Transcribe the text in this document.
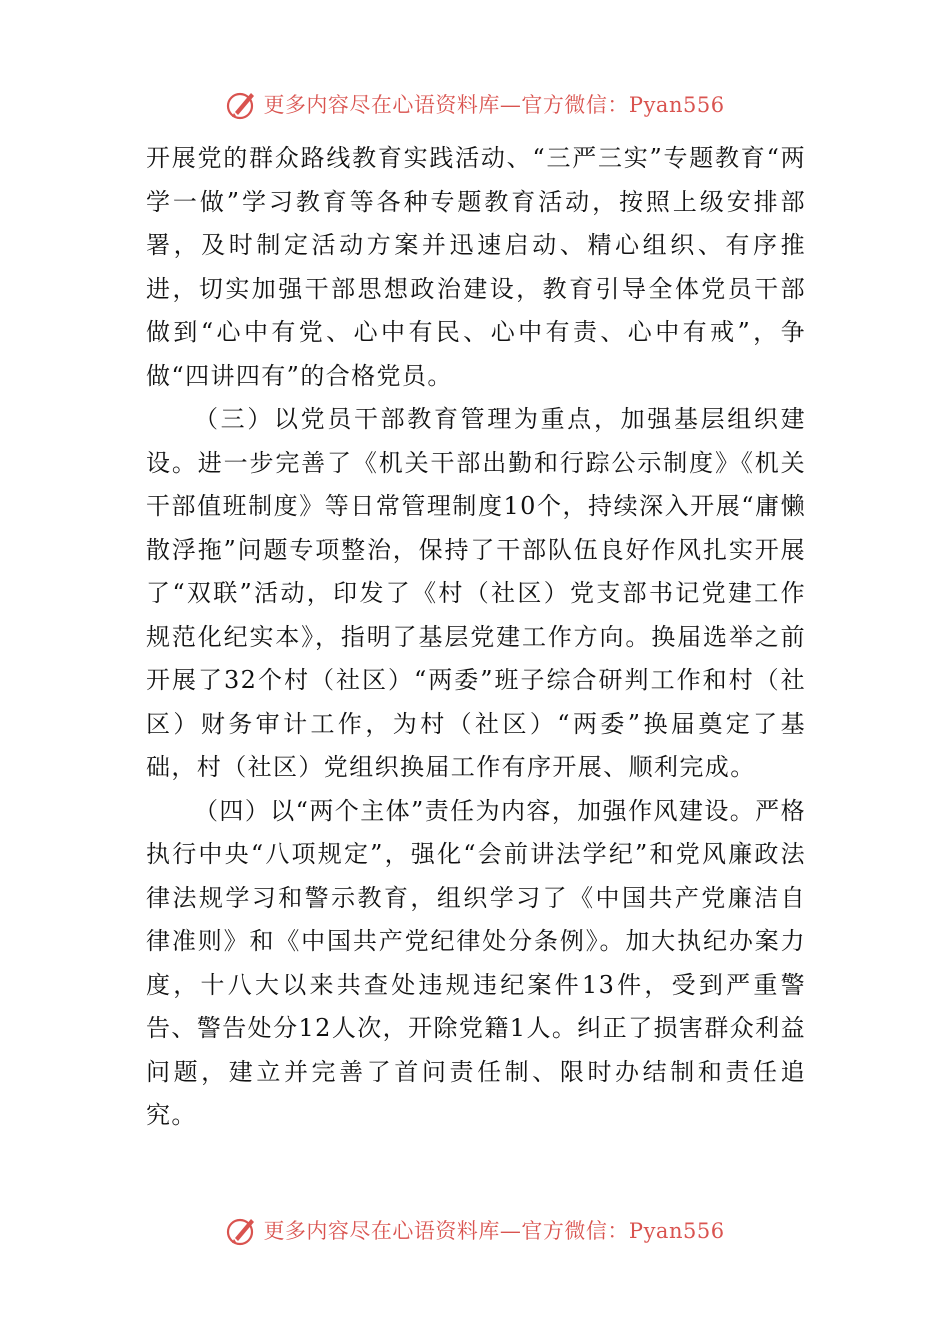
更多内容尽在心语资料库—官方微信：Pyan556

开展党的群众路线教育实践活动、“三严三实”专题教育“两学一做”学习教育等各种专题教育活动，按照上级安排部署，及时制定活动方案并迅速启动、精心组织、有序推进，切实加强干部思想政治建设，教育引导全体党员干部做到“心中有党、心中有民、心中有责、心中有戒”，争做“四讲四有”的合格党员。

（三）以党员干部教育管理为重点，加强基层组织建设。进一步完善了《机关干部出勤和行踪公示制度》《机关干部值班制度》等日常管理制度10个，持续深入开展“庸懒散浮拖”问题专项整治，保持了干部队伍良好作风扎实开展了“双联”活动，印发了《村（社区）党支部书记党建工作规范化纪实本》，指明了基层党建工作方向。换届选举之前开展了32个村（社区）“两委”班子综合研判工作和村（社区）财务审计工作，为村（社区）“两委”换届奠定了基础，村（社区）党组织换届工作有序开展、顺利完成。

（四）以“两个主体”责任为内容，加强作风建设。严格执行中央“八项规定”，强化“会前讲法学纪”和党风廉政法律法规学习和警示教育，组织学习了《中国共产党廉洁自律准则》和《中国共产党纪律处分条例》。加大执纪办案力度，十八大以来共查处违规违纪案件13件，受到严重警告、警告处分12人次，开除党籍1人。纠正了损害群众利益问题，建立并完善了首问责任制、限时办结制和责任追究。

更多内容尽在心语资料库—官方微信：Pyan556
